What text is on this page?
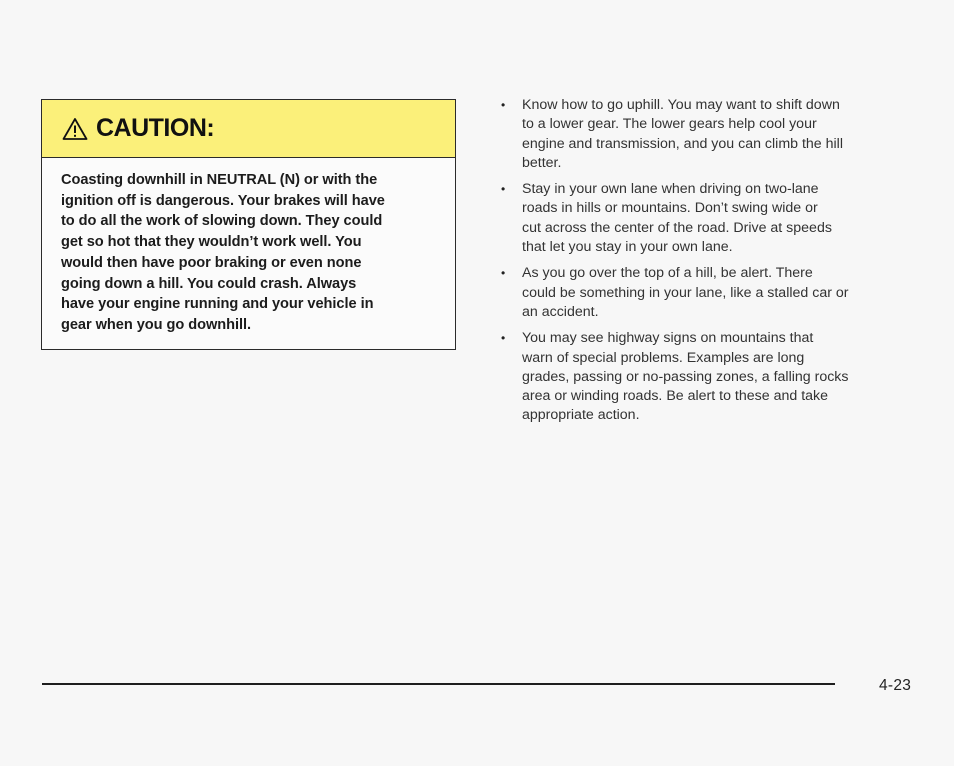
CAUTION:
Coasting downhill in NEUTRAL (N) or with the
ignition off is dangerous. Your brakes will have
to do all the work of slowing down. They could
get so hot that they wouldn’t work well. You
would then have poor braking or even none
going down a hill. You could crash. Always
have your engine running and your vehicle in
gear when you go downhill.
• Know how to go uphill. You may want to shift down
to a lower gear. The lower gears help cool your
engine and transmission, and you can climb the hill
better.
• Stay in your own lane when driving on two-lane
roads in hills or mountains. Don’t swing wide or
cut across the center of the road. Drive at speeds
that let you stay in your own lane.
• As you go over the top of a hill, be alert. There
could be something in your lane, like a stalled car or
an accident.
• You may see highway signs on mountains that
warn of special problems. Examples are long
grades, passing or no-passing zones, a falling rocks
area or winding roads. Be alert to these and take
appropriate action.
4-23
